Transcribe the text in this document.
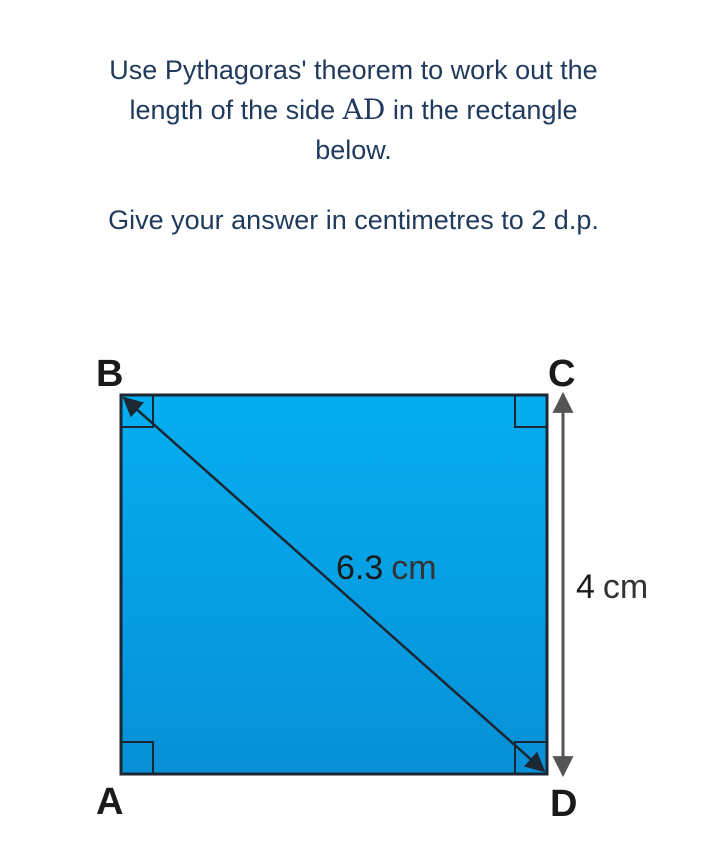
Use Pythagoras' theorem to work out the
length of the side AD in the rectangle
below.
Give your answer in centimetres to 2 d.p.
B	C
A	D
6.3 cm	4 cm
